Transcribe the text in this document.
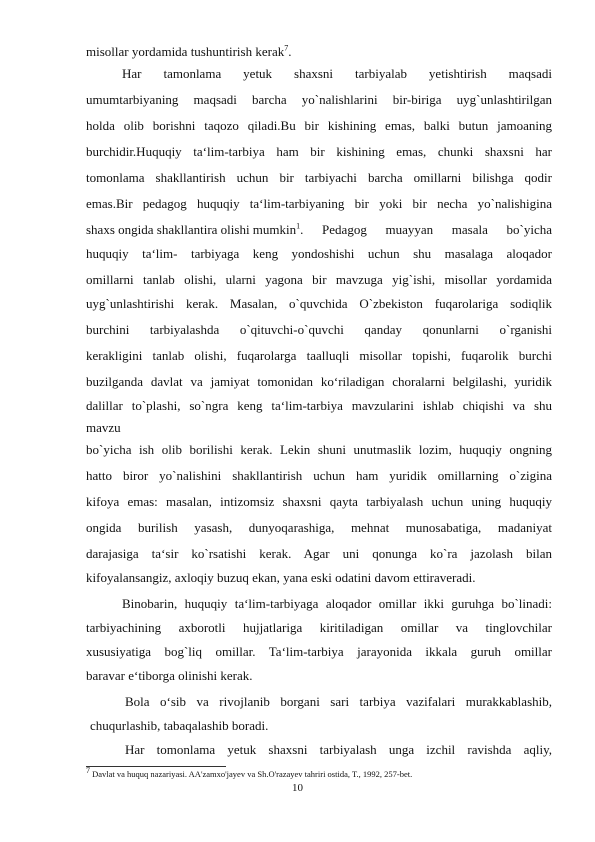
misollar yordamida tushuntirish kerak$^7$.
Har tamonlama yetuk shaxsni tarbiyalab yetishtirish maqsadi
umumtarbiyaning maqsadi barcha yo`nalishlarini bir-biriga uyg`unlashtirilgan
holda olib borishni taqozo qiladi.Bu bir kishining emas, balki butun jamoaning
burchidir.Huquqiy ta‘lim-tarbiya ham bir kishining emas, chunki shaxsni har
tomonlama shakllantirish uchun bir tarbiyachi barcha omillarni bilishga qodir
emas.Bir pedagog huquqiy ta‘lim-tarbiyaning bir yoki bir necha yo`nalishigina
shaxs ongida shakllantira olishi mumkin$^1$ . Pedagog muayyan masala bo`yicha
huquqiy ta‘lim- tarbiyaga keng yondoshishi uchun shu masalaga aloqador
omillarni tanlab olishi, ularni yagona bir mavzuga yig`ishi, misollar yordamida
uyg`unlashtirishi kerak. Masalan, o`quvchida O`zbekiston fuqarolariga sodiqlik
burchini tarbiyalashda o`qituvchi-o`quvchi qanday qonunlarni o`rganishi
kerakligini tanlab olishi, fuqarolarga taalluqli misollar topishi, fuqarolik burchi
buzilganda davlat va jamiyat tomonidan ko‘riladigan choralarni belgilashi, yuridik
dalillar to`plashi, so`ngra keng ta‘lim-tarbiya mavzularini ishlab chiqishi va shu
mavzu
bo`yicha ish olib borilishi kerak. Lekin shuni unutmaslik lozim, huquqiy ongning
hatto biror yo`nalishini shakllantirish uchun ham yuridik omillarning o`zigina
kifoya emas: masalan, intizomsiz shaxsni qayta tarbiyalash uchun uning huquqiy
ongida burilish yasash, dunyoqarashiga, mehnat munosabatiga, madaniyat
darajasiga ta‘sir ko`rsatishi kerak. Agar uni qonunga ko`ra jazolash bilan
kifoyalansangiz, axloqiy buzuq ekan, yana eski odatini davom ettiraveradi.
Binobarin, huquqiy ta‘lim-tarbiyaga aloqador omillar ikki guruhga bo`linadi:
tarbiyachining axborotli hujjatlariga kiritiladigan omillar va tinglovchilar
xususiyatiga bog`liq omillar. Ta‘lim-tarbiya jarayonida ikkala guruh omillar
baravar e‘tiborga olinishi kerak.
Bola o‘sib va rivojlanib borgani sari tarbiya vazifalari murakkablashib,
chuqurlashib, tabaqalashib boradi.
$^7$ Davlat va huquq nazariyasi. AA'zamxo'jayev va Sh.O'razayev tahriri ostida, T., 1992, 257-bet.
10
Har tomonlama yetuk shaxsni tarbiyalash unga izchil ravishda aqliy,
